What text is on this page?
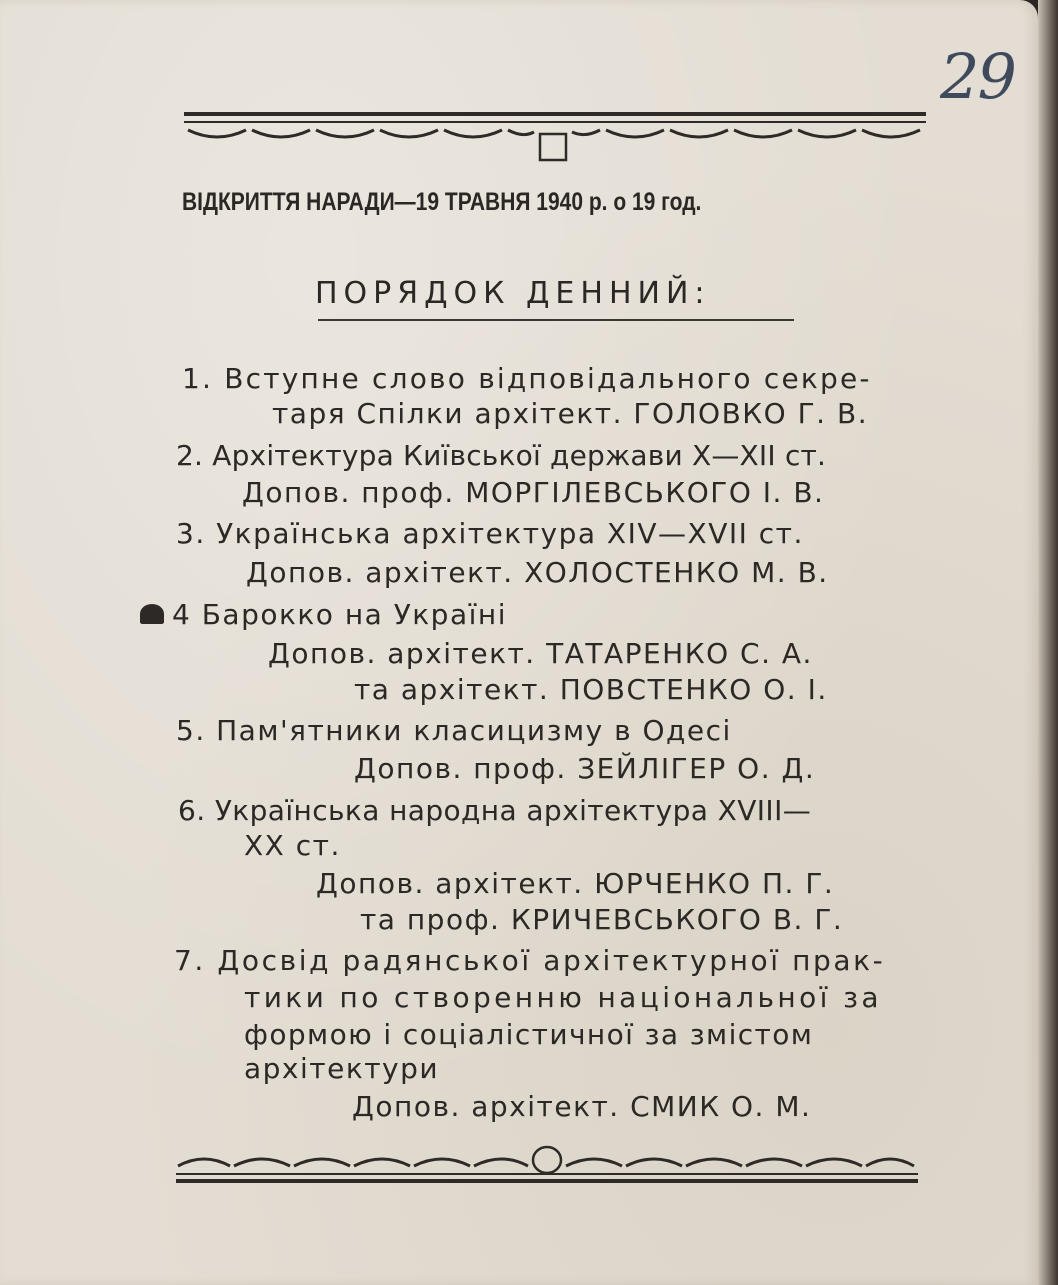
29
ВІДКРИТТЯ НАРАДИ—19 ТРАВНЯ 1940 р. о 19 год.
ПОРЯДОК ДЕННИЙ:
1. Вступне слово відповідального секре-
таря Спілки архітект. ГОЛОВКО Г. В.
2. Архітектура Київської держави X—XII ст.
Допов. проф. МОРГІЛЕВСЬКОГО І. В.
3. Українська архітектура XIV—XVII ст.
Допов. архітект. ХОЛОСТЕНКО М. В.
4 Барокко на Україні
Допов. архітект. ТАТАРЕНКО С. А.
та архітект. ПОВСТЕНКО О. І.
5. Пам'ятники класицизму в Одесі
Допов. проф. ЗЕЙЛІГЕР О. Д.
6. Українська народна архітектура XVIII—
XX ст.
Допов. архітект. ЮРЧЕНКО П. Г.
та проф. КРИЧЕВСЬКОГО В. Г.
7. Досвід радянської архітектурної прак-
тики по створенню національної за
формою і соціалістичної за змістом
архітектури
Допов. архітект. СМИК О. М.
